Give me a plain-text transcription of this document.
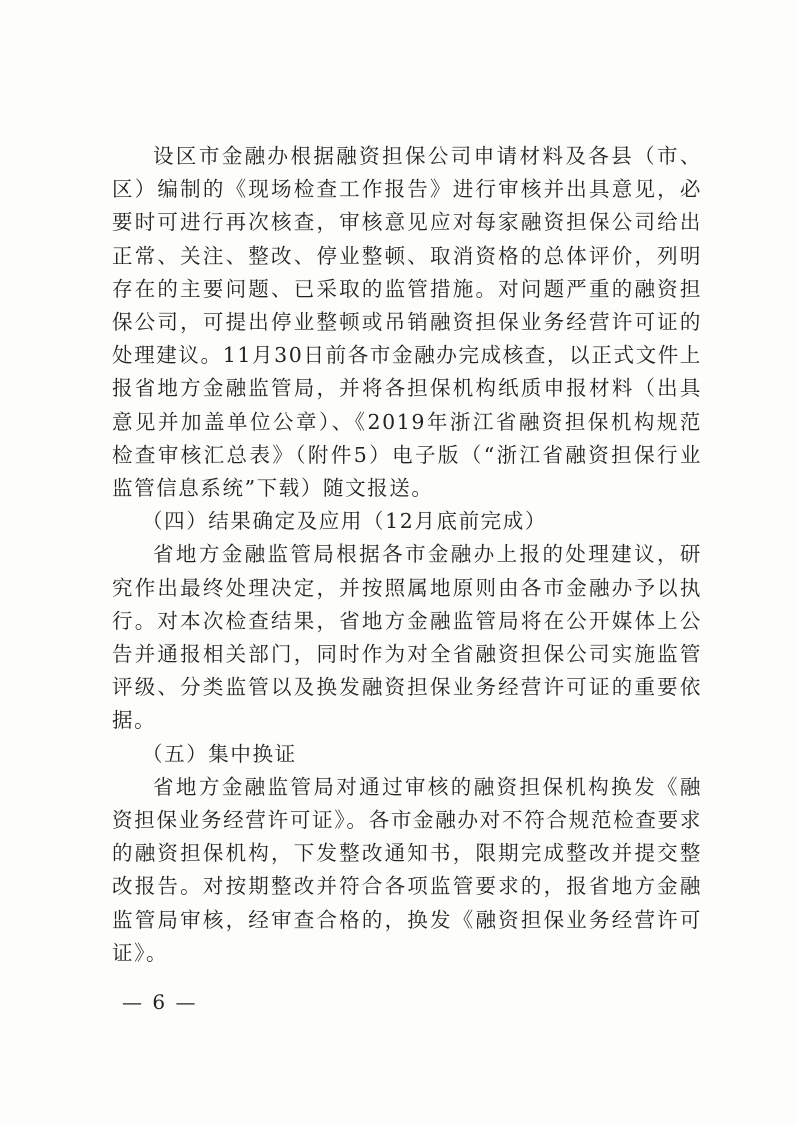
设区市金融办根据融资担保公司申请材料及各县（市、区）编制的《现场检查工作报告》进行审核并出具意见，必要时可进行再次核查，审核意见应对每家融资担保公司给出正常、关注、整改、停业整顿、取消资格的总体评价，列明存在的主要问题、已采取的监管措施。对问题严重的融资担保公司，可提出停业整顿或吊销融资担保业务经营许可证的处理建议。11月30日前各市金融办完成核查，以正式文件上报省地方金融监管局，并将各担保机构纸质申报材料（出具意见并加盖单位公章）、《2019年浙江省融资担保机构规范检查审核汇总表》（附件5）电子版（“浙江省融资担保行业监管信息系统”下载）随文报送。

（四）结果确定及应用（12月底前完成）

省地方金融监管局根据各市金融办上报的处理建议，研究作出最终处理决定，并按照属地原则由各市金融办予以执行。对本次检查结果，省地方金融监管局将在公开媒体上公告并通报相关部门，同时作为对全省融资担保公司实施监管评级、分类监管以及换发融资担保业务经营许可证的重要依据。

（五）集中换证

省地方金融监管局对通过审核的融资担保机构换发《融资担保业务经营许可证》。各市金融办对不符合规范检查要求的融资担保机构，下发整改通知书，限期完成整改并提交整改报告。对按期整改并符合各项监管要求的，报省地方金融监管局审核，经审查合格的，换发《融资担保业务经营许可证》。

— 6 —
